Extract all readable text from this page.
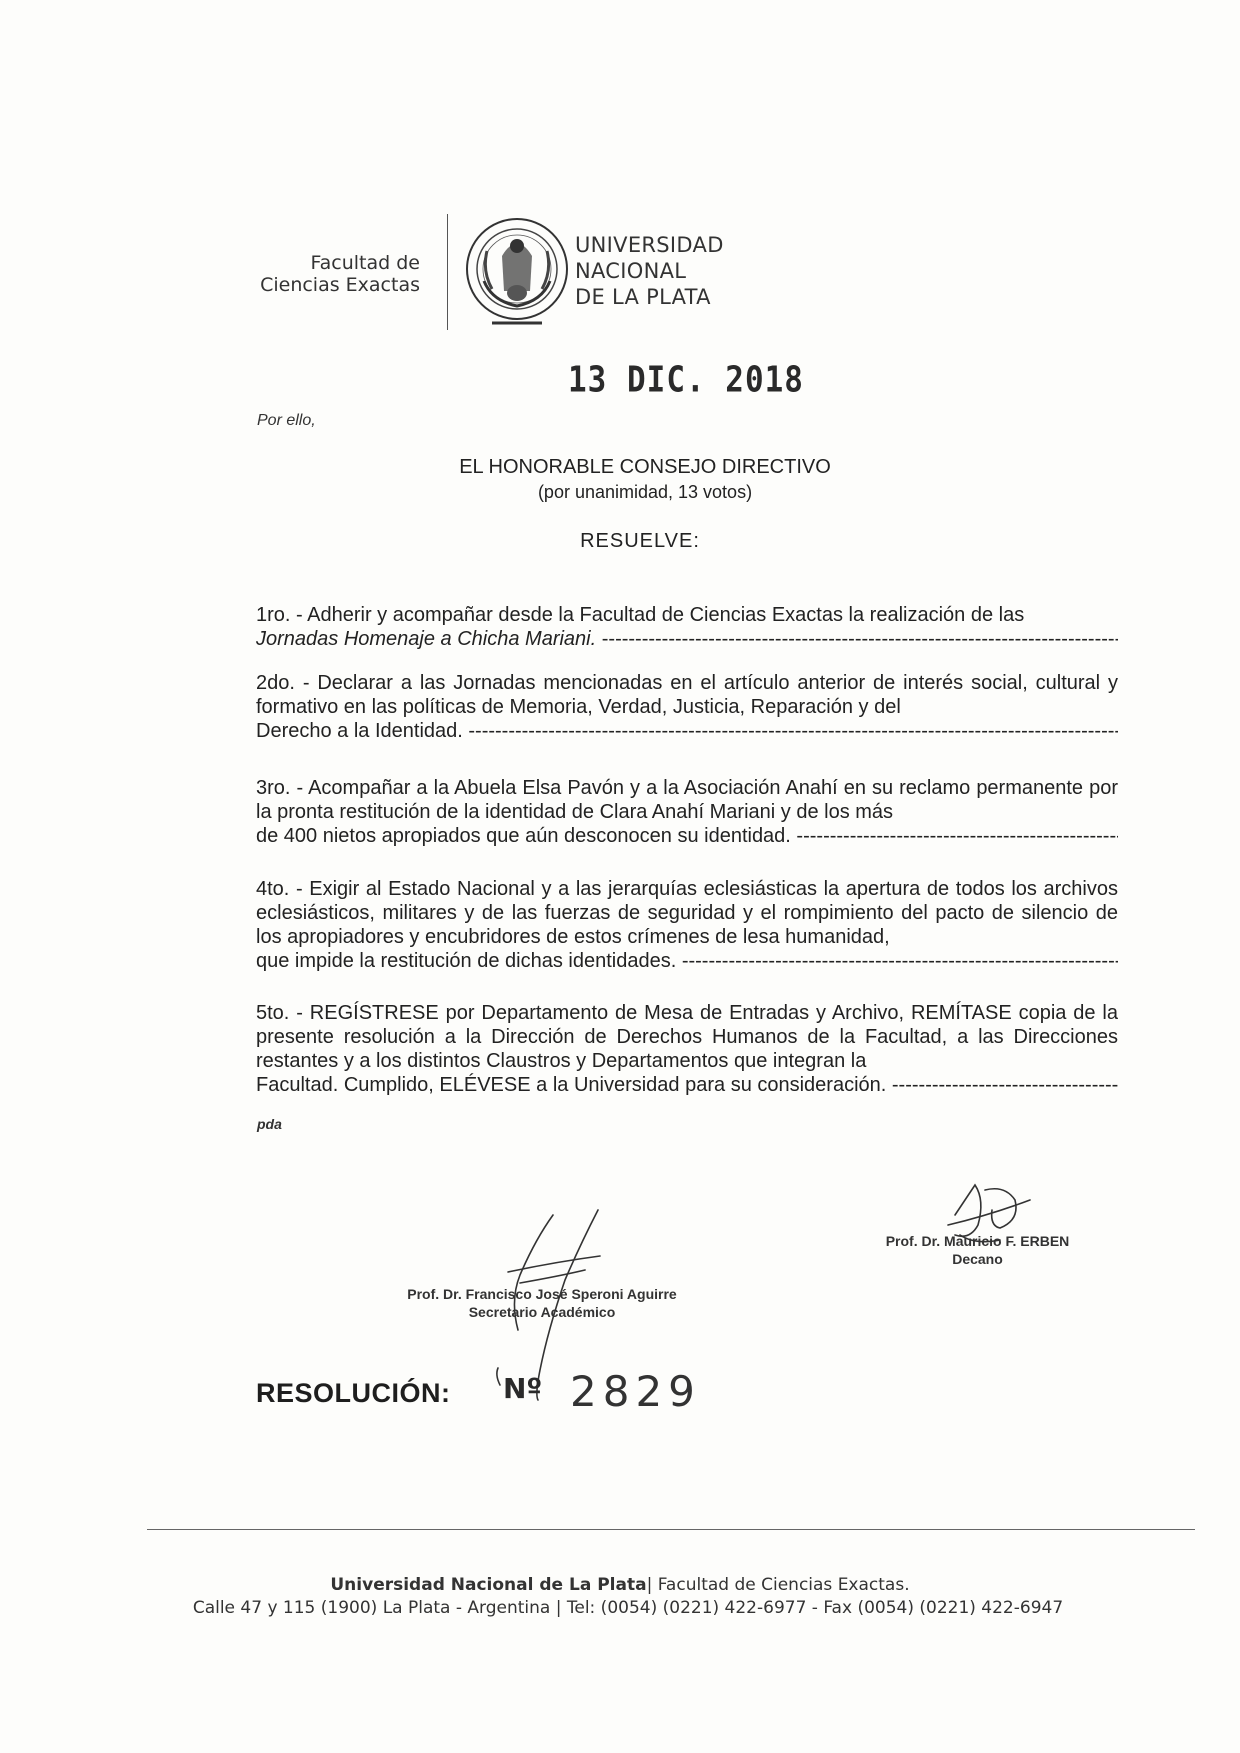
Facultad de
Ciencias Exactas
UNIVERSIDAD
NACIONAL
DE LA PLATA
13 DIC. 2018
Por ello,
EL HONORABLE CONSEJO DIRECTIVO
(por unanimidad, 13 votos)
RESUELVE:

1ro. - Adherir y acompañar desde la Facultad de Ciencias Exactas la realización de las

Jornadas Homenaje a Chicha Mariani. -----

2do. - Declarar a las Jornadas mencionadas en el artículo anterior de interés social, cultural y formativo en las políticas de Memoria, Verdad, Justicia, Reparación y del

Derecho a la Identidad. -----

3ro. - Acompañar a la Abuela Elsa Pavón y a la Asociación Anahí en su reclamo permanente por la pronta restitución de la identidad de Clara Anahí Mariani y de los más

de 400 nietos apropiados que aún desconocen su identidad. -----

4to. - Exigir al Estado Nacional y a las jerarquías eclesiásticas la apertura de todos los archivos eclesiásticos, militares y de las fuerzas de seguridad y el rompimiento del pacto de silencio de los apropiadores y encubridores de estos crímenes de lesa humanidad,

que impide la restitución de dichas identidades. -----

5to. - REGÍSTRESE por Departamento de Mesa de Entradas y Archivo, REMÍTASE copia de la presente resolución a la Dirección de Derechos Humanos de la Facultad, a las Direcciones restantes y a los distintos Claustros y Departamentos que integran la

Facultad. Cumplido, ELÉVESE a la Universidad para su consideración. -----

pda
Prof. Dr. Francisco José Speroni Aguirre
Secretario Académico
Prof. Dr. Mauricio F. ERBEN
Decano
RESOLUCIÓN: Nº 2829
Universidad Nacional de La Plata| Facultad de Ciencias Exactas.
Calle 47 y 115 (1900) La Plata - Argentina | Tel: (0054) (0221) 422-6977 - Fax (0054) (0221) 422-6947
